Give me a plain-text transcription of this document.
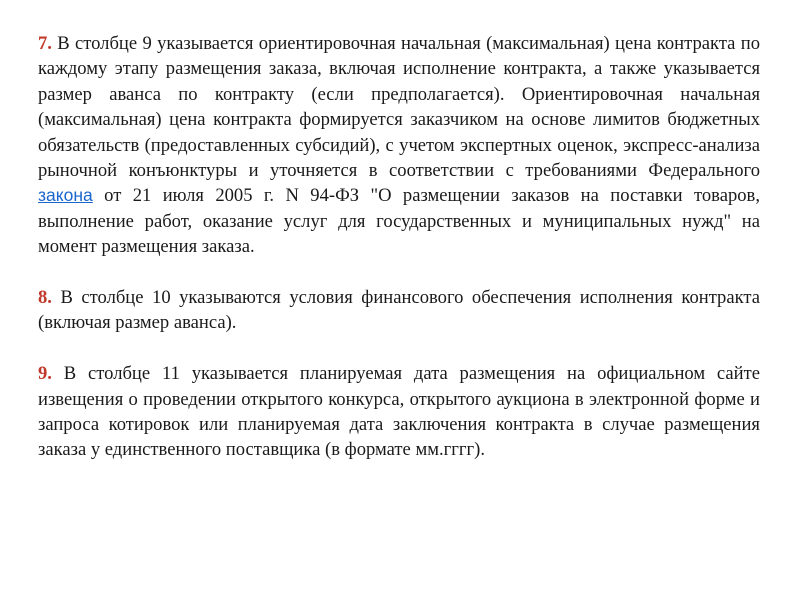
7. В столбце 9 указывается ориентировочная начальная (максимальная) цена контракта по каждому этапу размещения заказа, включая исполнение контракта, а также указывается размер аванса по контракту (если предполагается). Ориентировочная начальная (максимальная) цена контракта формируется заказчиком на основе лимитов бюджетных обязательств (предоставленных субсидий), с учетом экспертных оценок, экспресс-анализа рыночной конъюнктуры и уточняется в соответствии с требованиями Федерального закона от 21 июля 2005 г. N 94-ФЗ "О размещении заказов на поставки товаров, выполнение работ, оказание услуг для государственных и муниципальных нужд" на момент размещения заказа.

8. В столбце 10 указываются условия финансового обеспечения исполнения контракта (включая размер аванса).

9. В столбце 11 указывается планируемая дата размещения на официальном сайте извещения о проведении открытого конкурса, открытого аукциона в электронной форме и запроса котировок или планируемая дата заключения контракта в случае размещения заказа у единственного поставщика (в формате мм.гггг).
